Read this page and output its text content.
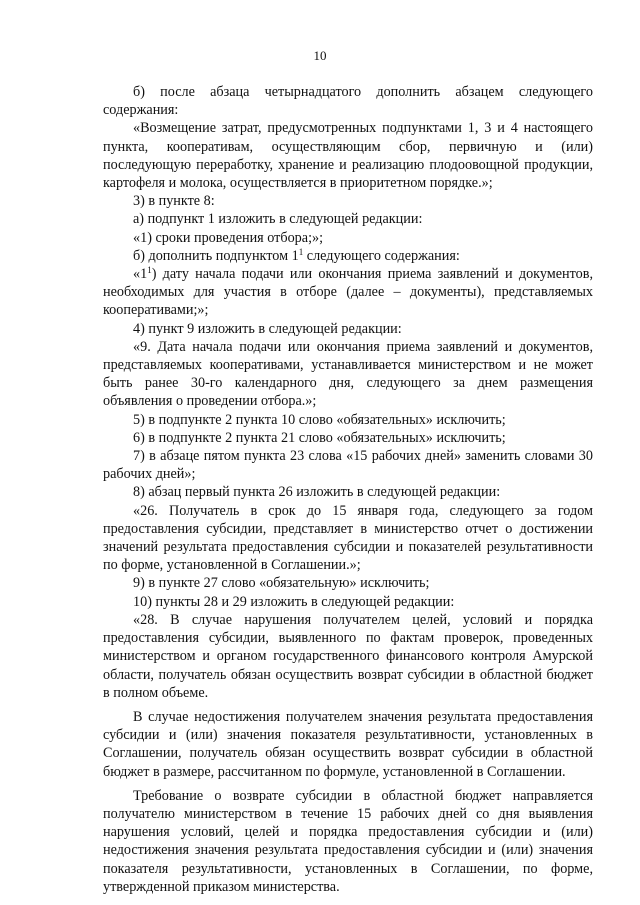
10

б) после абзаца четырнадцатого дополнить абзацем следующего содержания:

«Возмещение затрат, предусмотренных подпунктами 1, 3 и 4 настоящего пункта, кооперативам, осуществляющим сбор, первичную и (или) последующую переработку, хранение и реализацию плодоовощной продукции, картофеля и молока, осуществляется в приоритетном порядке.»;

3) в пункте 8:

а) подпункт 1 изложить в следующей редакции:

«1) сроки проведения отбора;»;

б) дополнить подпунктом $1^1$ следующего содержания:

«$1^1$) дату начала подачи или окончания приема заявлений и документов, необходимых для участия в отборе (далее – документы), представляемых кооперативами;»;

4) пункт 9 изложить в следующей редакции:

«9. Дата начала подачи или окончания приема заявлений и документов, представляемых кооперативами, устанавливается министерством и не может быть ранее 30-го календарного дня, следующего за днем размещения объявления о проведении отбора.»;

5) в подпункте 2 пункта 10 слово «обязательных» исключить;

6) в подпункте 2 пункта 21 слово «обязательных» исключить;

7) в абзаце пятом пункта 23 слова «15 рабочих дней» заменить словами 30 рабочих дней»;

8) абзац первый пункта 26 изложить в следующей редакции:

«26. Получатель в срок до 15 января года, следующего за годом предоставления субсидии, представляет в министерство отчет о достижении значений результата предоставления субсидии и показателей результативности по форме, установленной в Соглашении.»;

9) в пункте 27 слово «обязательную» исключить;

10) пункты 28 и 29 изложить в следующей редакции:

«28. В случае нарушения получателем целей, условий и порядка предоставления субсидии, выявленного по фактам проверок, проведенных министерством и органом государственного финансового контроля Амурской области, получатель обязан осуществить возврат субсидии в областной бюджет в полном объеме.

В случае недостижения получателем значения результата предоставления субсидии и (или) значения показателя результативности, установленных в Соглашении, получатель обязан осуществить возврат субсидии в областной бюджет в размере, рассчитанном по формуле, установленной в Соглашении.

Требование о возврате субсидии в областной бюджет направляется получателю министерством в течение 15 рабочих дней со дня выявления нарушения условий, целей и порядка предоставления субсидии и (или) недостижения значения результата предоставления субсидии и (или) значения показателя результативности, установленных в Соглашении, по форме, утвержденной приказом министерства.
